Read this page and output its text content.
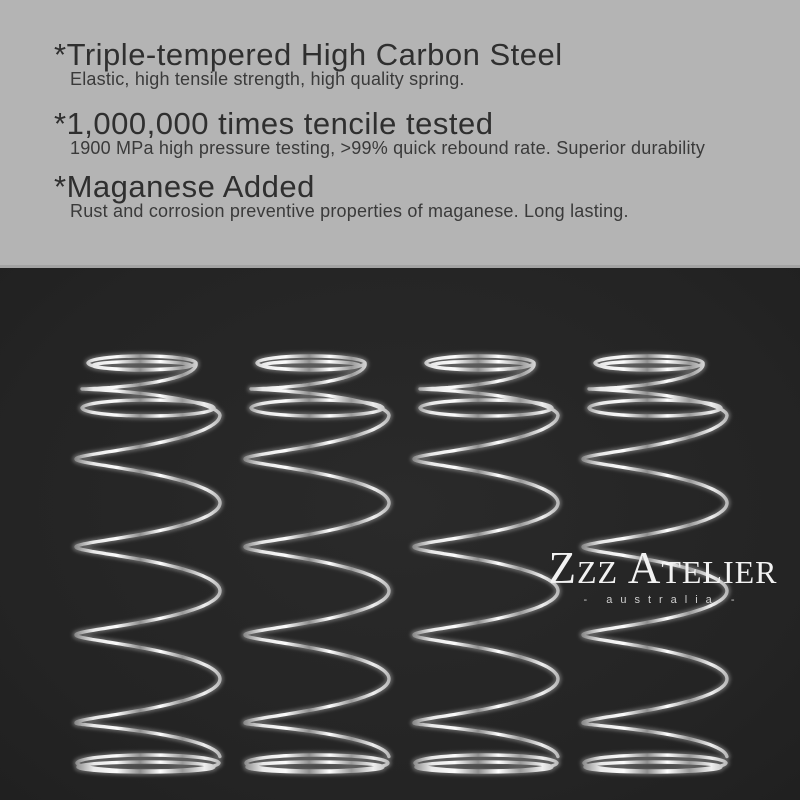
*Triple-tempered High Carbon Steel

Elastic, high tensile strength, high quality spring.

*1,000,000 times tencile tested

1900 MPa high pressure testing, >99% quick rebound rate. Superior durability

*Maganese Added

Rust and corrosion preventive properties of maganese. Long lasting.

Zzz Atelier
- australia -
